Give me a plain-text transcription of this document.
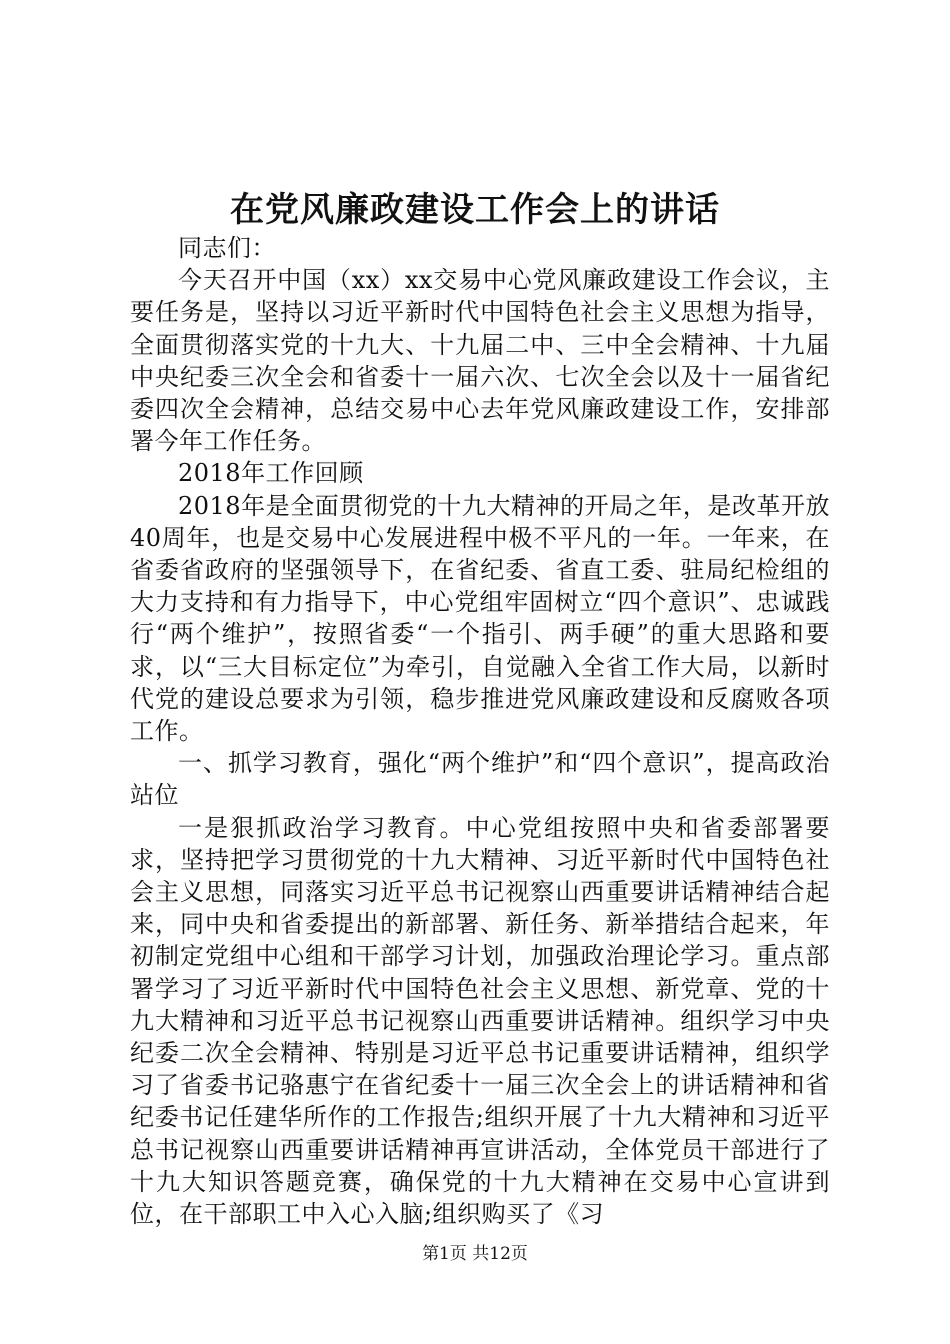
在党风廉政建设工作会上的讲话

同志们：

今天召开中国（xx）xx交易中心党风廉政建设工作会议，主要任务是，坚持以习近平新时代中国特色社会主义思想为指导，全面贯彻落实党的十九大、十九届二中、三中全会精神、十九届中央纪委三次全会和省委十一届六次、七次全会以及十一届省纪委四次全会精神，总结交易中心去年党风廉政建设工作，安排部署今年工作任务。

2018年工作回顾

2018年是全面贯彻党的十九大精神的开局之年，是改革开放40周年，也是交易中心发展进程中极不平凡的一年。一年来，在省委省政府的坚强领导下，在省纪委、省直工委、驻局纪检组的大力支持和有力指导下，中心党组牢固树立“四个意识”、忠诚践行“两个维护”，按照省委“一个指引、两手硬”的重大思路和要求，以“三大目标定位”为牵引，自觉融入全省工作大局，以新时代党的建设总要求为引领，稳步推进党风廉政建设和反腐败各项工作。

一、抓学习教育，强化“两个维护”和“四个意识”，提高政治站位

一是狠抓政治学习教育。中心党组按照中央和省委部署要求，坚持把学习贯彻党的十九大精神、习近平新时代中国特色社会主义思想，同落实习近平总书记视察山西重要讲话精神结合起来，同中央和省委提出的新部署、新任务、新举措结合起来，年初制定党组中心组和干部学习计划，加强政治理论学习。重点部署学习了习近平新时代中国特色社会主义思想、新党章、党的十九大精神和习近平总书记视察山西重要讲话精神。组织学习中央纪委二次全会精神、特别是习近平总书记重要讲话精神，组织学习了省委书记骆惠宁在省纪委十一届三次全会上的讲话精神和省纪委书记任建华所作的工作报告;组织开展了十九大精神和习近平总书记视察山西重要讲话精神再宣讲活动，全体党员干部进行了十九大知识答题竞赛，确保党的十九大精神在交易中心宣讲到位，在干部职工中入心入脑;组织购买了《习

第1页 共12页
